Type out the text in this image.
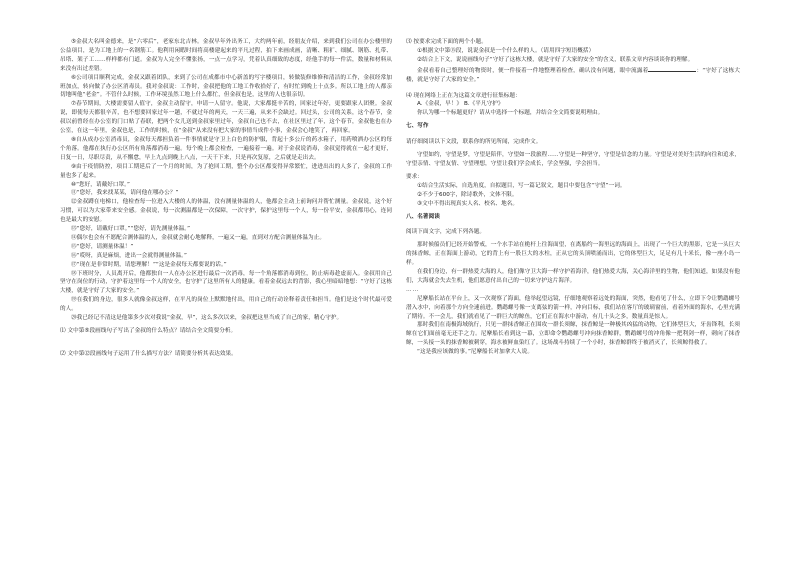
⑤金叔大名叫金德来，是“六零后”，老家东北吉林。金叔早年外出务工，大约两年前，经朋友介绍，来到我们公司在办公楼里的公益项目，是为工地上的一名钢筋工。他利用闲暇时间将高楼建起来的平凡过程，拍下来画成画，清晰、粗犷、细腻、钢筋、扎带、吊塔、架子工……样样都有门道。金叔为人完全不懂张扬，一点一点学习，凭着认真细致的态度，经他手的每一件活，数量和材料从来没有出过差错。

⑥公司项目顺利完成，金叔又跟着团队，来到了公司在成都市中心新盖的写字楼项目，转做装修维修和清洁的工作，金叔经常加班加点，转向做了办公区消毒员。我对金叔说：工作时，金叔把他的工地工作收拾好了，有时忙到晚上十点多。所以工地上的人都亲切地叫他“老金”。不管什么时候，工作环境虽然工地上什么都忙，但金叔也是，这里的人也很亲切。

⑦春节期间，大楼需要留人值守，金叔主动留守，申请一人留守。他说，大家都挺辛苦的，回家过年好，更要跟家人团聚。金叔说，即使每天都很辛苦，也不想要回家过年一趟，不就过年的两天，一天三遍，从来不会缺过。回过头，公司的关系，这个春节，金叔以前曾经在办公室的门口贴了春联，把两个女儿送到金叔家里过年，金叔自己也不去，在社区里过了年，这个春节，金叔他也在办公室，在这一年里，金叔也是，工作的时候，在“金叔”从来没有把大家的事情当成件小事，金叔会心地笑了，再回家。

⑧自从成办公室消毒员，金叔每天都担负着一件事情就是守卫上白色的防护服，背起十多公斤的药水箱子，用药喷洒办公区的每个角落。他都在执行办公区所有角落都消毒一遍。每个晚上都会检查，一遍接着一遍。对于金叔说消毒，金叔觉得就在一起才更好，日复一日，尽职尽责，从不懈怠，早上九点到晚上八点，一天干下来，只是再次复原，之后就是走出去。

⑨由于疫情防控，项目工期延后了一个月的时间，为了抢回工期，整个办公区都变得异常繁忙，进进出出的人多了，金叔的工作量也多了起来。

⑩“您好，请戴好口罩。”

⑪“您好，我来找某某，请问他在哪办公？”

⑫金叔蹲在电梯口，他检查每一位进入大楼的人的体温，没有测量体温的人，他都会主动上前询问并帮忙测量。金叔说，这个好习惯，可以为大家带来安全感。金叔说，每一次测温都是一次保障，一次守护，保护这里每一个人，每一份平安，金叔都用心，连同也是最大的安慰。

⑬“您好，请戴好口罩。”“您好，请先测量体温。”

⑭偶尔也会有不愿配合测体温的人，金叔就会耐心地解释，一遍又一遍，直到对方配合测量体温为止。

⑮“您好，请测量体温！”

⑯“哎呀，真是麻烦，进出一会就得测量体温。”

⑰“现在是非常时期，请您理解！”“这是金叔每天都要说的话。”

⑱下班时分，人员离开后，他都独自一人在办公区进行最后一次消毒，每一个角落都消毒到位，防止病毒趁虚而入。金叔用自己坚守在岗位的行动，守护着这里每一个人的安全，也守护了这里所有人的健康。看着金叔远去的背影，我心里暗暗地想：“守好了这栋大楼，就是守好了大家的安全。”

⑲在我们的身边，很多人就像金叔这样，在平凡的岗位上默默地付出，用自己的行动诠释着责任和担当。他们是这个时代最可爱的人。

⑳我已经记不清这是他第多少次对我说“金叔，早”，这么多次以来，金叔把这里当成了自己的家，精心守护。

⑴ 文中第⑤段画线句子写出了金叔的什么特点？请结合全文简要分析。

⑵ 文中第⑫段画线句子运用了什么描写方法？请简要分析其表达效果。

⑶ 按要求完成下面的两个小题。

①根据文中第⑮段，说说金叔是一个什么样的人。（请用四字短语概括）

②结合上下文，说说画线句子“守好了这栋大楼，就是守好了大家的安全”的含义，联系文章内容谈谈你的理解。

金叔看着自己整理好的物资时，便一件接着一件地整理着检查，确认没有问题，眼中流露着	：“守好了这栋大楼，就是守好了大家的安全。”

⑷ 现在网络上正在为这篇文章进行征集标题：

A.《金叔，早！》 B.《平凡守护》

你认为哪一个标题更好？请从中选择一个标题，并结合全文简要说明理由。

七、写作

请仔细阅读以下文段，联系你的所见所闻，完成作文。

守望如约，守望是梦，守望是陪伴，守望如一段旅程……守望是一种坚守，守望是信念的力量。守望是对美好生活的向往和追求，守望亲情、守望友情、守望理想，守望让我们学会成长，学会坚强，学会担当。

要求：

①结合生活实际，自选角度，自拟题目，写一篇记叙文，题目中要包含“守望”一词。

②不少于600字，除诗歌外，文体不限。

③文中不得出现真实人名、校名、地名。

八、名著阅读

阅读下面文字，完成下列各题。

那时候船员们已经开始警戒，一个水手站在桅杆上往海面望，在离船约一海里远的海面上，出现了一个巨大的黑影，它是一头巨大的抹香鲸，正在海面上游动，它的背上有一股巨大的水柱，正从它的头顶喷涌而出，它的体型巨大，足足有几十米长，像一座小岛一样。

在我们身边，有一群热爱大海的人，他们像守卫大海一样守护着海洋，他们热爱大海，关心海洋里的生物，他们知道，如果没有他们，大海就会失去生机，他们愿意付出自己的一切来守护这片海洋。

……

尼摩船长站在平台上，又一次观察了海面，他举起望远镜，仔细地观察着远处的海面，突然，他看见了什么，立即下令让鹦鹉螺号潜入水中，向着那个方向全速前进。鹦鹉螺号像一支离弦的箭一样，冲向目标，我们站在客厅的玻璃窗前，看着外面的海水，心里充满了期待。不一会儿，我们就看见了一群巨大的鲸鱼，它们正在海水中游动，有几十头之多，数量真是惊人。

那时我们在南极海域航行，只见一群抹香鲸正在围攻一群长须鲸，抹香鲸是一种极其凶猛的动物，它们体型巨大，牙齿锋利，长须鲸在它们面前毫无还手之力。尼摩船长看到这一幕，立即命令鹦鹉螺号冲向抹香鲸群，鹦鹉螺号的冲角像一把利剑一样，刺向了抹香鲸，一头接一头的抹香鲸被刺穿，海水被鲜血染红了。这场战斗持续了一个小时，抹香鲸群终于被消灭了，长须鲸得救了。

“这是我应该做的事。”尼摩船长对加拿大人说。
